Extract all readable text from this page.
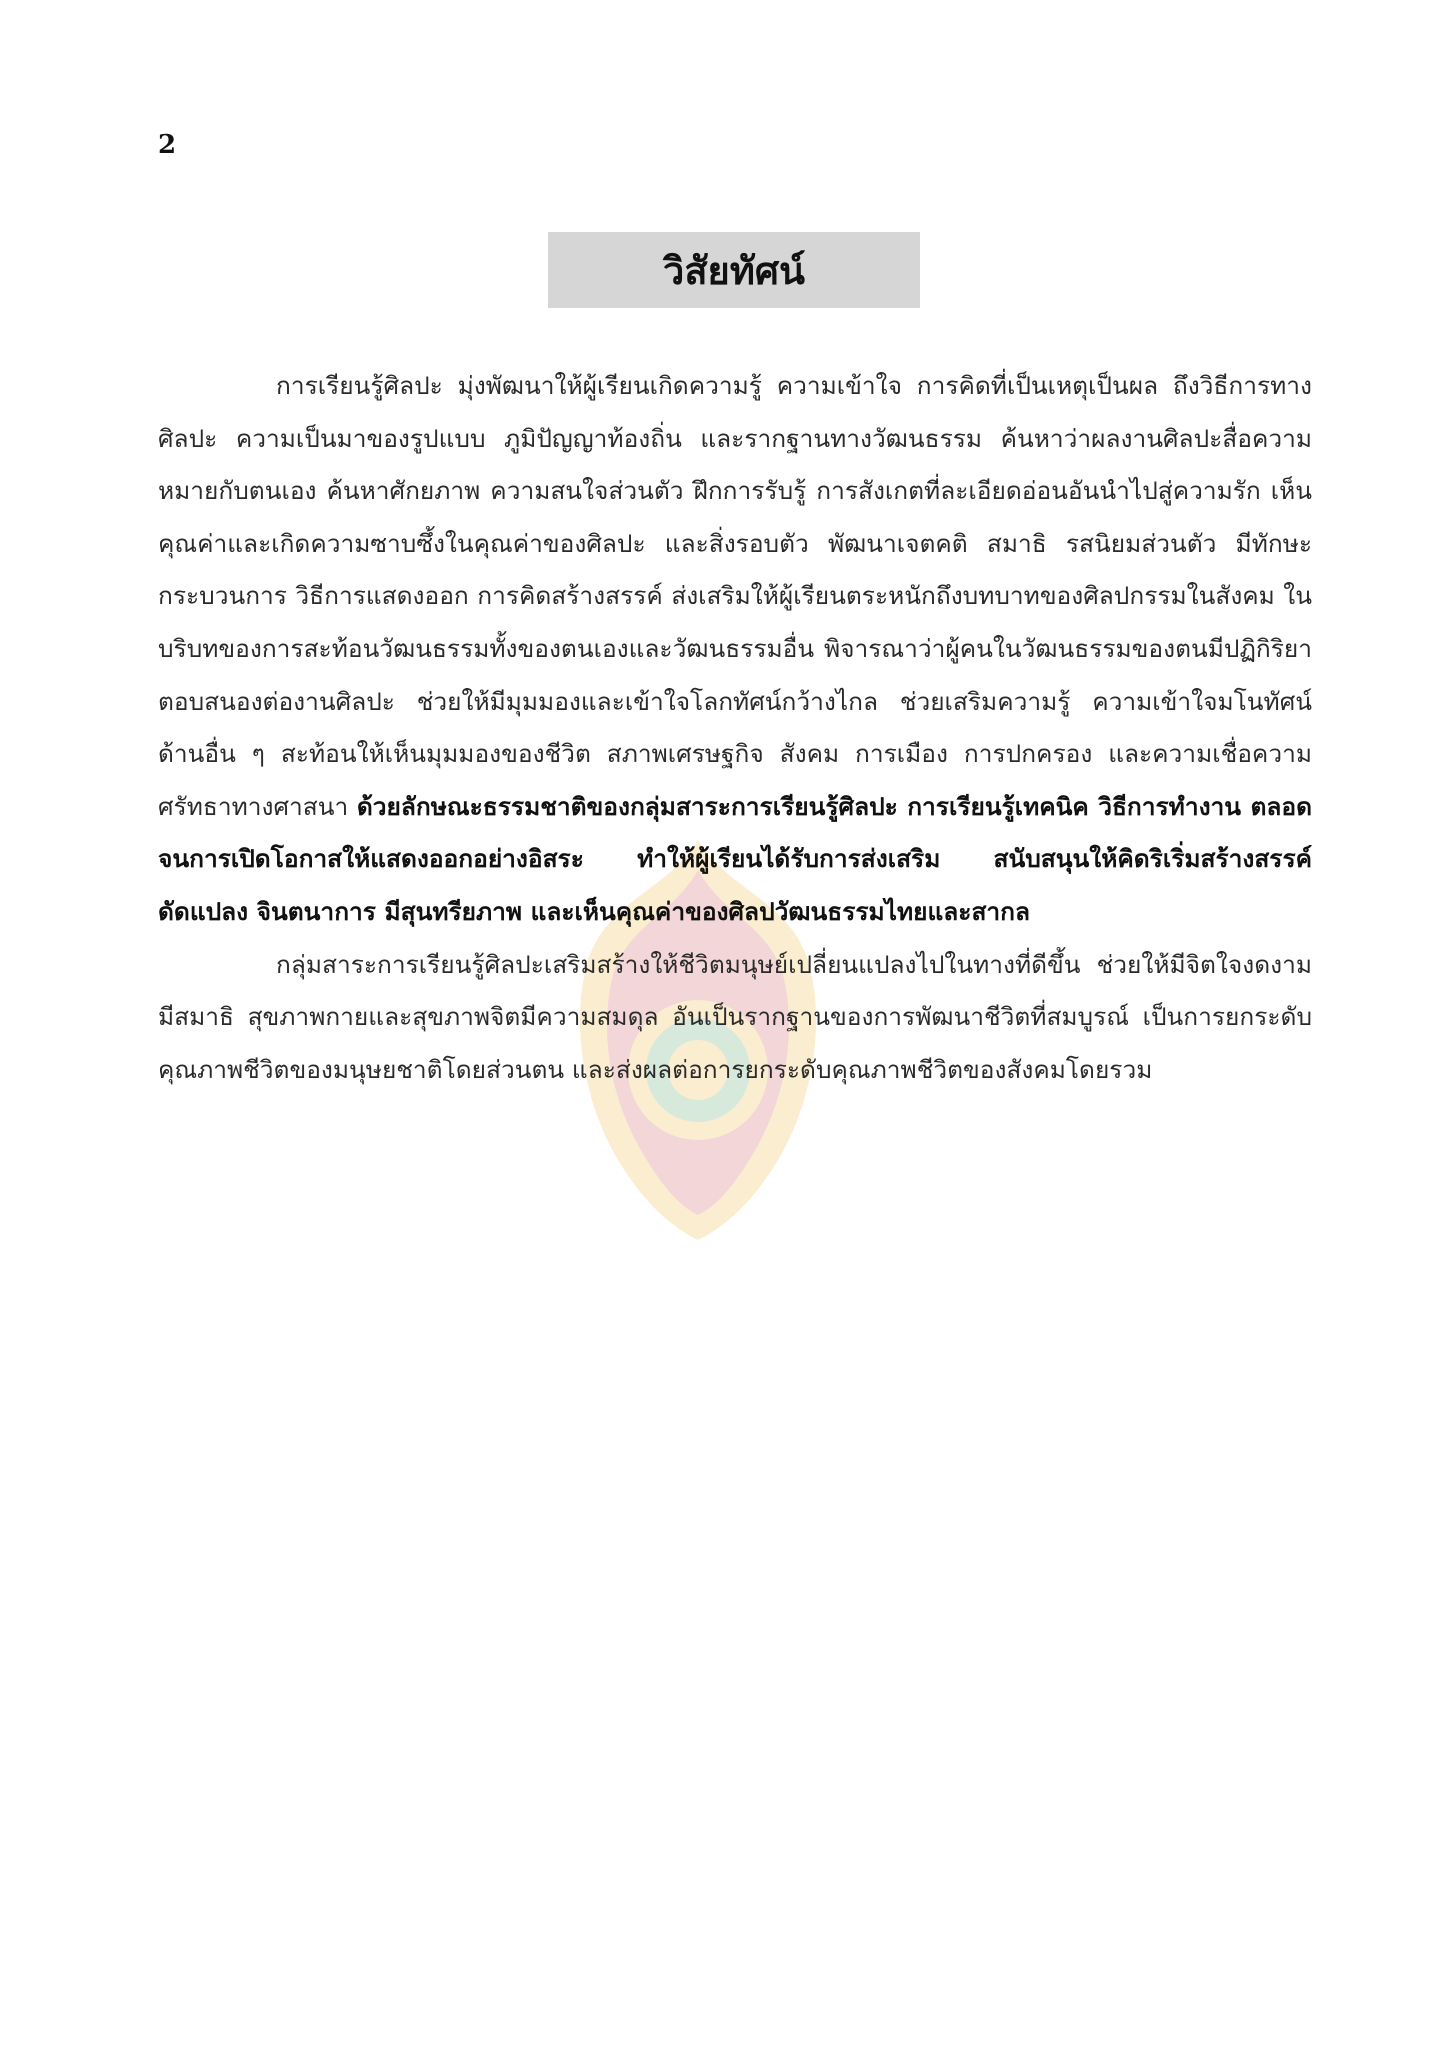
2
วิสัยทัศน์

การเรียนรู้ศิลปะ มุ่งพัฒนาให้ผู้เรียนเกิดความรู้ ความเข้าใจ การคิดที่เป็นเหตุเป็นผล ถึงวิธีการทางศิลปะ ความเป็นมาของรูปแบบ ภูมิปัญญาท้องถิ่น และรากฐานทางวัฒนธรรม ค้นหาว่าผลงานศิลปะสื่อความหมายกับตนเอง ค้นหาศักยภาพ ความสนใจส่วนตัว ฝึกการรับรู้ การสังเกตที่ละเอียดอ่อนอันนำไปสู่ความรัก เห็นคุณค่าและเกิดความซาบซึ้งในคุณค่าของศิลปะ และสิ่งรอบตัว พัฒนาเจตคติ สมาธิ รสนิยมส่วนตัว มีทักษะ กระบวนการ วิธีการแสดงออก การคิดสร้างสรรค์ ส่งเสริมให้ผู้เรียนตระหนักถึงบทบาทของศิลปกรรมในสังคม ในบริบทของการสะท้อนวัฒนธรรมทั้งของตนเองและวัฒนธรรมอื่น พิจารณาว่าผู้คนในวัฒนธรรมของตนมีปฏิกิริยาตอบสนองต่องานศิลปะ ช่วยให้มีมุมมองและเข้าใจโลกทัศน์กว้างไกล ช่วยเสริมความรู้ ความเข้าใจมโนทัศน์ด้านอื่น ๆ สะท้อนให้เห็นมุมมองของชีวิต สภาพเศรษฐกิจ สังคม การเมือง การปกครอง และความเชื่อความศรัทธาทางศาสนา ด้วยลักษณะธรรมชาติของกลุ่มสาระการเรียนรู้ศิลปะ การเรียนรู้เทคนิค วิธีการทำงาน ตลอดจนการเปิดโอกาสให้แสดงออกอย่างอิสระ ทำให้ผู้เรียนได้รับการส่งเสริม สนับสนุนให้คิดริเริ่มสร้างสรรค์ ดัดแปลง จินตนาการ มีสุนทรียภาพ และเห็นคุณค่าของศิลปวัฒนธรรมไทยและสากล

กลุ่มสาระการเรียนรู้ศิลปะเสริมสร้างให้ชีวิตมนุษย์เปลี่ยนแปลงไปในทางที่ดีขึ้น ช่วยให้มีจิตใจงดงาม มีสมาธิ สุขภาพกายและสุขภาพจิตมีความสมดุล อันเป็นรากฐานของการพัฒนาชีวิตที่สมบูรณ์ เป็นการยกระดับคุณภาพชีวิตของมนุษยชาติโดยส่วนตน และส่งผลต่อการยกระดับคุณภาพชีวิตของสังคมโดยรวม
